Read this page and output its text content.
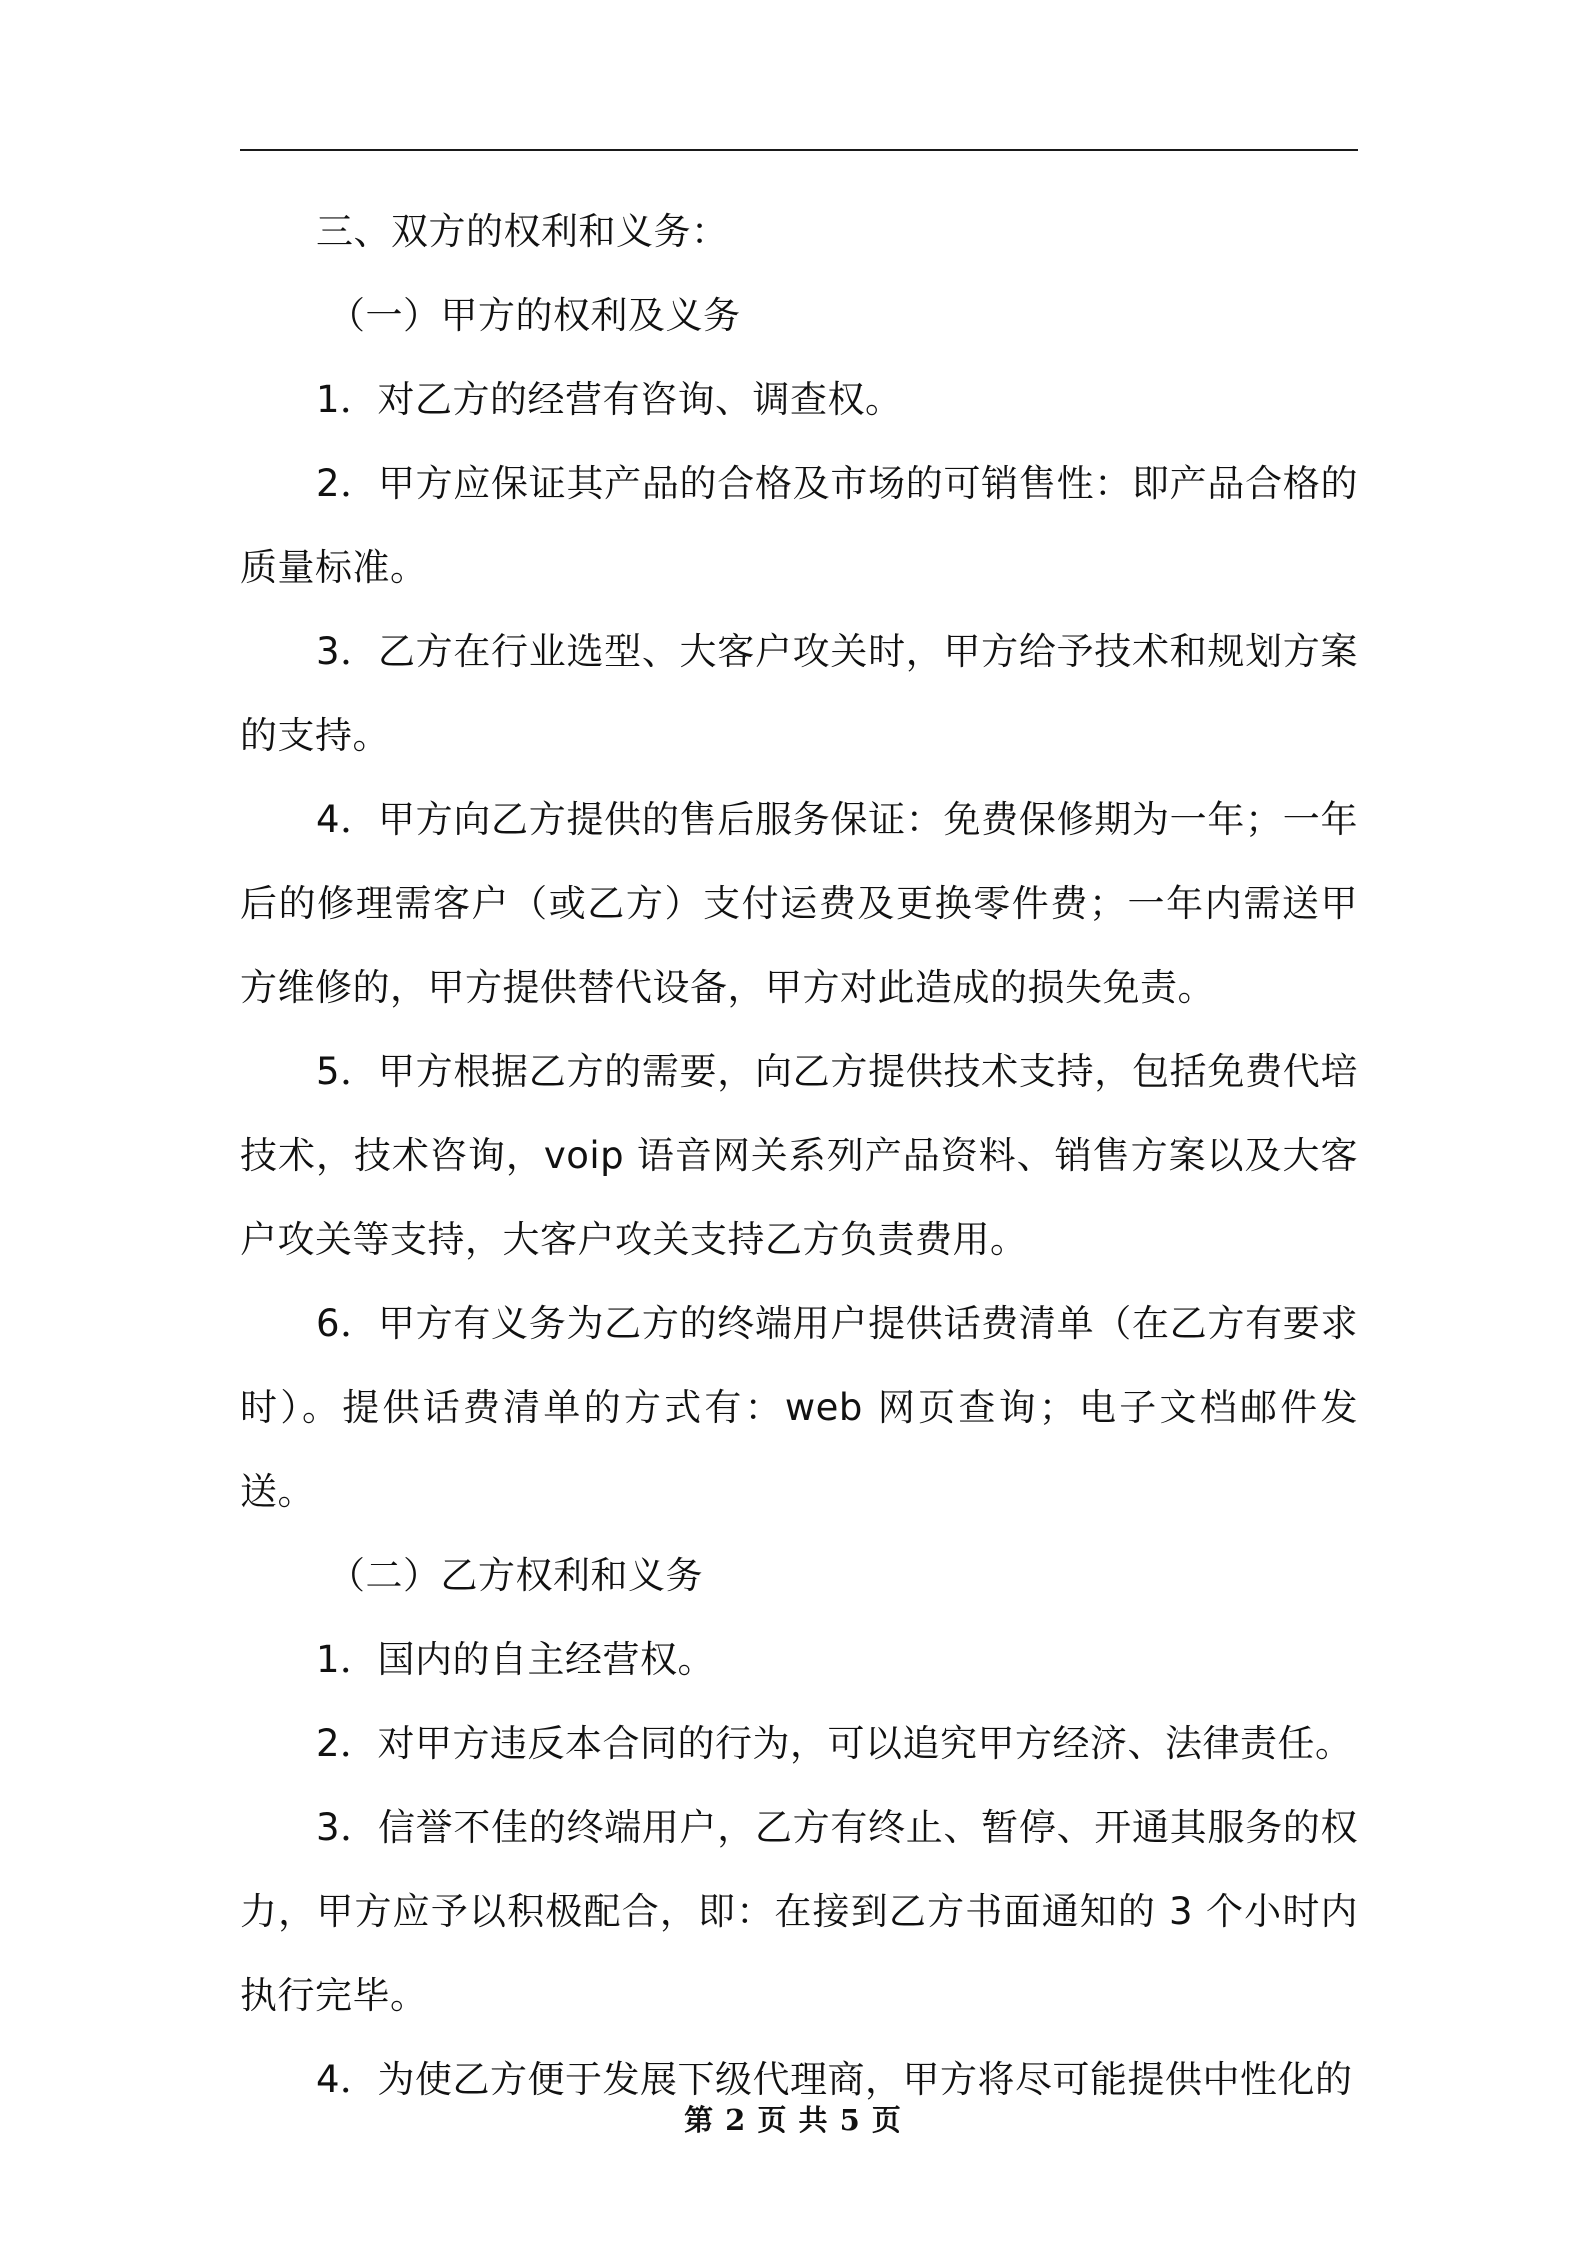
三、双方的权利和义务：

（一）甲方的权利及义务

1．对乙方的经营有咨询、调查权。

2．甲方应保证其产品的合格及市场的可销售性：即产品合格的质量标准。

3．乙方在行业选型、大客户攻关时，甲方给予技术和规划方案的支持。

4．甲方向乙方提供的售后服务保证：免费保修期为一年；一年后的修理需客户（或乙方）支付运费及更换零件费；一年内需送甲方维修的，甲方提供替代设备，甲方对此造成的损失免责。

5．甲方根据乙方的需要，向乙方提供技术支持，包括免费代培技术，技术咨询，voip 语音网关系列产品资料、销售方案以及大客户攻关等支持，大客户攻关支持乙方负责费用。

6．甲方有义务为乙方的终端用户提供话费清单（在乙方有要求时）。提供话费清单的方式有：web 网页查询；电子文档邮件发送。

（二）乙方权利和义务

1．国内的自主经营权。

2．对甲方违反本合同的行为，可以追究甲方经济、法律责任。

3．信誉不佳的终端用户，乙方有终止、暂停、开通其服务的权力，甲方应予以积极配合，即：在接到乙方书面通知的 3 个小时内执行完毕。

4．为使乙方便于发展下级代理商，甲方将尽可能提供中性化的

第 2 页 共 5 页
